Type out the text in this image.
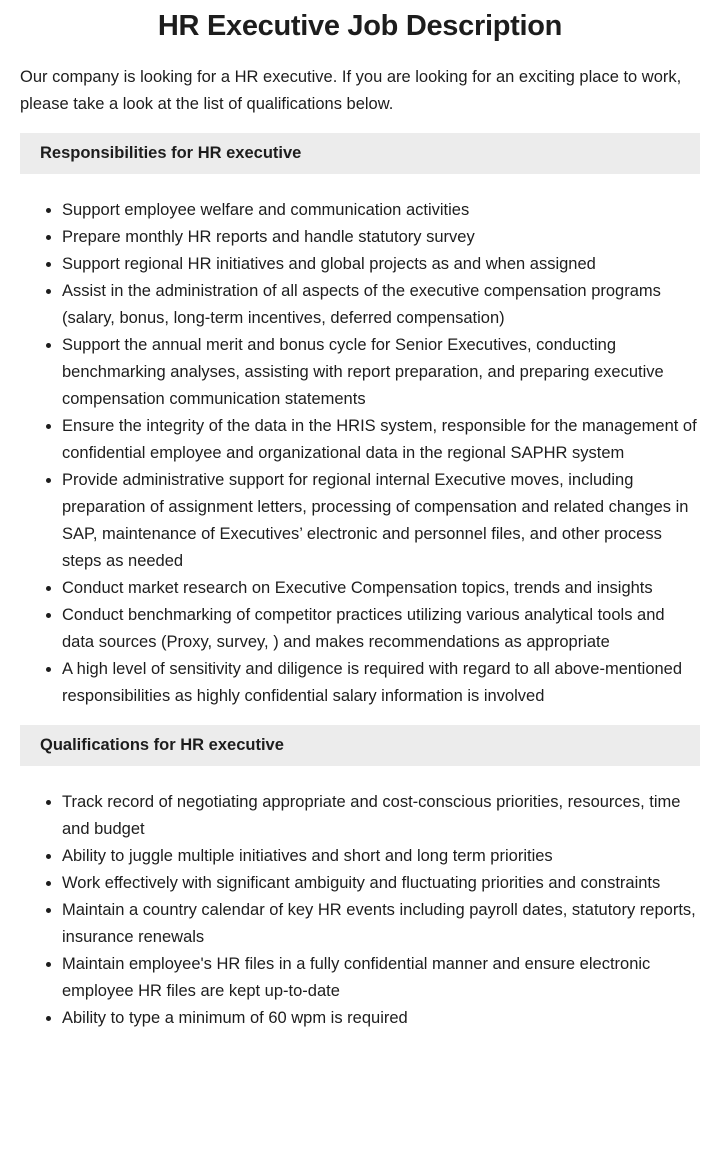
HR Executive Job Description

Our company is looking for a HR executive. If you are looking for an exciting place to work, please take a look at the list of qualifications below.

Responsibilities for HR executive
Support employee welfare and communication activities
Prepare monthly HR reports and handle statutory survey
Support regional HR initiatives and global projects as and when assigned
Assist in the administration of all aspects of the executive compensation programs (salary, bonus, long-term incentives, deferred compensation)
Support the annual merit and bonus cycle for Senior Executives, conducting benchmarking analyses, assisting with report preparation, and preparing executive compensation communication statements
Ensure the integrity of the data in the HRIS system, responsible for the management of confidential employee and organizational data in the regional SAPHR system
Provide administrative support for regional internal Executive moves, including preparation of assignment letters, processing of compensation and related changes in SAP, maintenance of Executives’ electronic and personnel files, and other process steps as needed
Conduct market research on Executive Compensation topics, trends and insights
Conduct benchmarking of competitor practices utilizing various analytical tools and data sources (Proxy, survey, ) and makes recommendations as appropriate
A high level of sensitivity and diligence is required with regard to all above-mentioned responsibilities as highly confidential salary information is involved
Qualifications for HR executive
Track record of negotiating appropriate and cost-conscious priorities, resources, time and budget
Ability to juggle multiple initiatives and short and long term priorities
Work effectively with significant ambiguity and fluctuating priorities and constraints
Maintain a country calendar of key HR events including payroll dates, statutory reports, insurance renewals
Maintain employee's HR files in a fully confidential manner and ensure electronic employee HR files are kept up-to-date
Ability to type a minimum of 60 wpm is required
